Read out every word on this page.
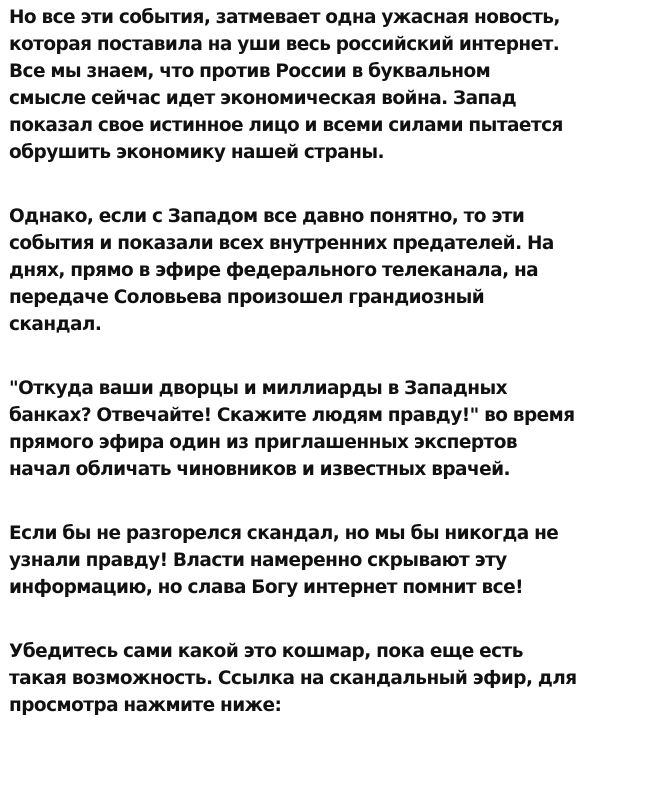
Но все эти события, затмевает одна ужасная новость,
которая поставила на уши весь российский интернет.
Все мы знаем, что против России в буквальном
смысле сейчас идет экономическая война. Запад
показал свое истинное лицо и всеми силами пытается
обрушить экономику нашей страны.

Однако, если с Западом все давно понятно, то эти
события и показали всех внутренних предателей. На
днях, прямо в эфире федерального телеканала, на
передаче Соловьева произошел грандиозный
скандал.

"Откуда ваши дворцы и миллиарды в Западных
банках? Отвечайте! Скажите людям правду!" во время
прямого эфира один из приглашенных экспертов
начал обличать чиновников и известных врачей.

Если бы не разгорелся скандал, но мы бы никогда не
узнали правду! Власти намеренно скрывают эту
информацию, но слава Богу интернет помнит все!

Убедитесь сами какой это кошмар, пока еще есть
такая возможность. Ссылка на скандальный эфир, для
просмотра нажмите ниже:
